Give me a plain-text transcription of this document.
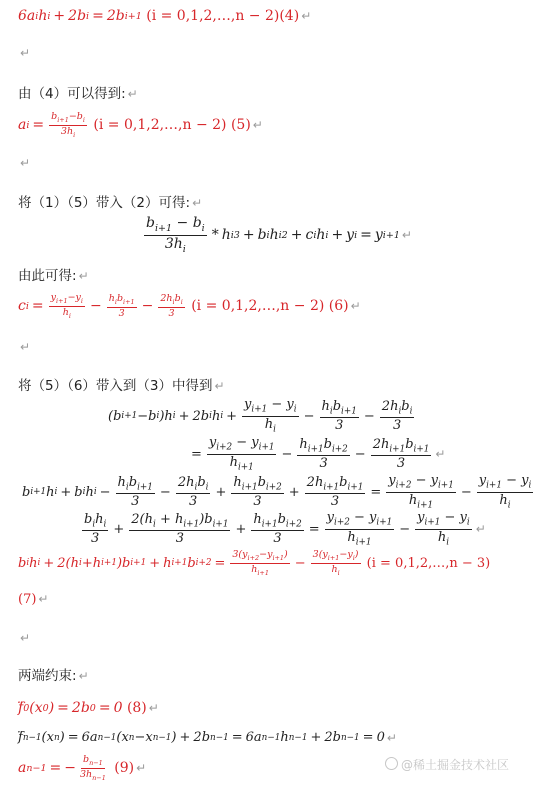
6 a i h i + 2 b i = 2 b i+1
(i = 0,1,2,…,n − 2)(4) ↵
↵
由（4）可以得到: ↵
a $i = \frac{b_{i+1}-b_i}{3h_i}$
(i = 0,1,2,…,n − 2) (5) ↵
↵
将（1）（5）带入（2）可得: ↵
$b_{i+1} - b_i$
$3h_i$
* h i 3 + b i h i 2 + c i h i + y i = y i+1 ↵
由此可得: ↵
c $i = \frac{y_{i+1}-y_i}{h_i} - h_ib_{i+1}$
$3 - 2h_ib_i$
3
(i = 0,1,2,…,n − 2) (6) ↵
↵
将（5）（6）带入到（3）中得到 ↵
( b i+1 − b i ) h i + 2 b i h $i + \frac{y_{i+1} - y_i}{h_i}$ −
$h_ib_{i+1}$
3
−
$2h_ib_i$
3
= $\frac{y_{i+2} - y_{i+1}}{h_{i+1}} - \frac{h_{i+1}b_{i+2}}{3} - \frac{2h_{i+1}b_{i+1}}{3}$ ↵
b i+1 h i + b i h i −
$h_ib_{i+1}$
3
−
$2h_ib_i$
3
+ $\frac{h_{i+1}b_{i+2}}{3} + \frac{2h_{i+1}b_{i+1}}{3} = \frac{y_{i+2} - y_{i+1}}{h_{i+1}} - \frac{y_{i+1} - y_i}{h_i}$
$b_ih_i$
3
+ $\frac{2(h_i + h_{i+1})b_{i+1}}{3} + \frac{h_{i+1}b_{i+2}}{3} = \frac{y_{i+2} - y_{i+1}}{h_{i+1}} - \frac{y_{i+1} - y_i}{h_i}$ ↵
b i h i + 2( h i + h i+1 ) b i+1 + h i+1 b $i+2 = \frac{3(y_{i+2}-y_{i+1})}{h_{i+1}} - \frac{3(y_{i+1}-y_i)}{h_i}$
(i = 0,1,2,…,n − 3)
(7) ↵
↵
两端约束: ↵
f 0 ( x 0 ) = 2 b 0 = 0 (8) ↵
f n−1 ( x n ) = 6 a n−1 ( x n − x n−1 ) + 2 b n−1 = 6 a n−1 h n−1 + 2 b n−1 = 0 ↵
a n−1 = − $\frac{b_{n-1}}{3h_{n-1}}$
(9) ↵	@稀土掘金技术社区
